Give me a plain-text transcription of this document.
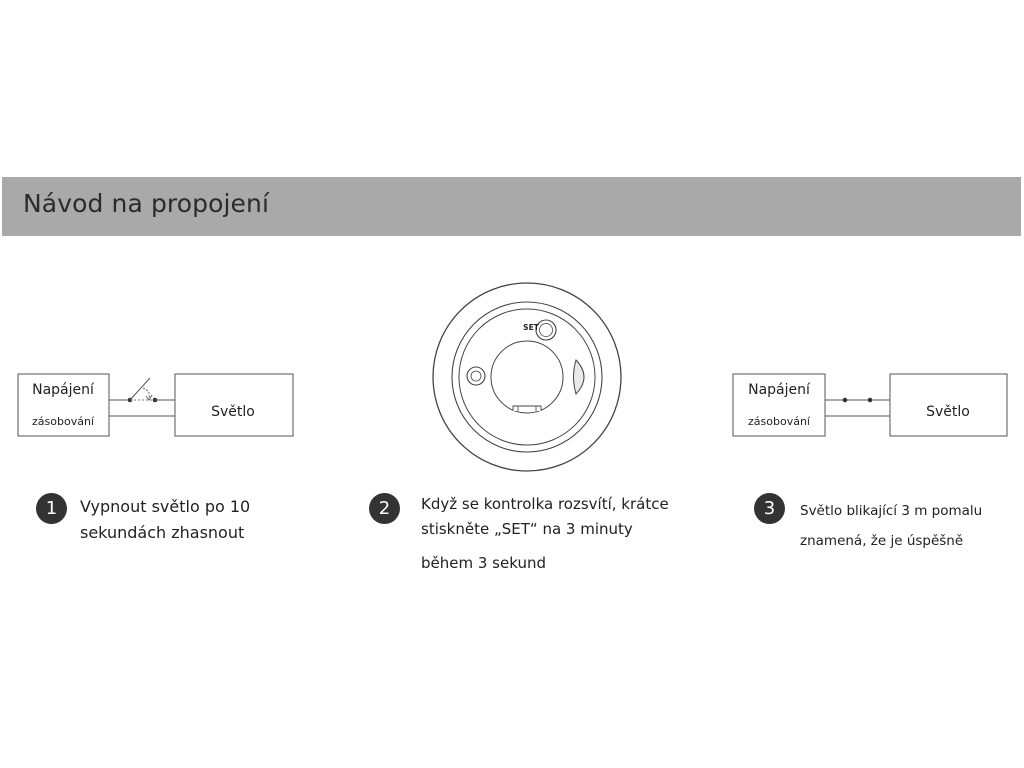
Návod na propojení
Napájení
zásobování
Světlo
SET
Napájení
zásobování
Světlo
1	Vypnout světlo po 10
sekundách zhasnout
2	Když se kontrolka rozsvítí, krátce
stiskněte „SET“ na 3 minuty
během 3 sekund
3	Světlo blikající 3 m pomalu
znamená, že je úspěšně
